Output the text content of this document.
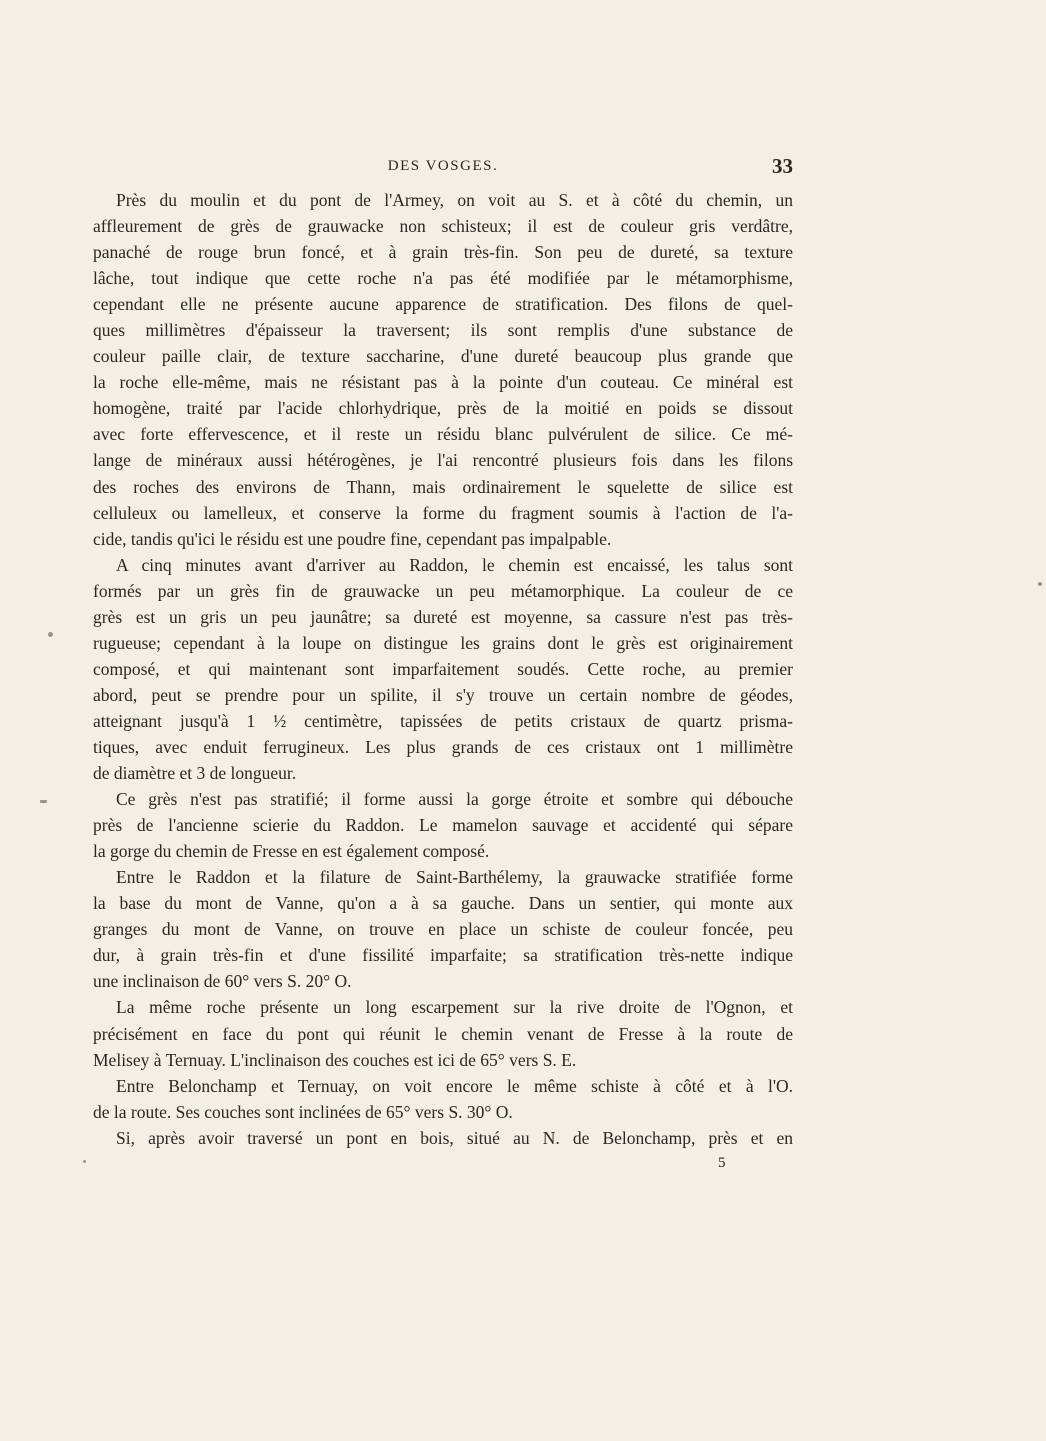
DES VOSGES.	33
Près du moulin et du pont de l'Armey, on voit au S. et à côté du chemin, un
affleurement de grès de grauwacke non schisteux; il est de couleur gris verdâtre,
panaché de rouge brun foncé, et à grain très-fin. Son peu de dureté, sa texture
lâche, tout indique que cette roche n'a pas été modifiée par le métamorphisme,
cependant elle ne présente aucune apparence de stratification. Des filons de quel-
ques millimètres d'épaisseur la traversent; ils sont remplis d'une substance de
couleur paille clair, de texture saccharine, d'une dureté beaucoup plus grande que
la roche elle-même, mais ne résistant pas à la pointe d'un couteau. Ce minéral est
homogène, traité par l'acide chlorhydrique, près de la moitié en poids se dissout
avec forte effervescence, et il reste un résidu blanc pulvérulent de silice. Ce mé-
lange de minéraux aussi hétérogènes, je l'ai rencontré plusieurs fois dans les filons
des roches des environs de Thann, mais ordinairement le squelette de silice est
celluleux ou lamelleux, et conserve la forme du fragment soumis à l'action de l'a-
cide, tandis qu'ici le résidu est une poudre fine, cependant pas impalpable.
A cinq minutes avant d'arriver au Raddon, le chemin est encaissé, les talus sont
formés par un grès fin de grauwacke un peu métamorphique. La couleur de ce
grès est un gris un peu jaunâtre; sa dureté est moyenne, sa cassure n'est pas très-
rugueuse; cependant à la loupe on distingue les grains dont le grès est originairement
composé, et qui maintenant sont imparfaitement soudés. Cette roche, au premier
abord, peut se prendre pour un spilite, il s'y trouve un certain nombre de géodes,
atteignant jusqu'à 1 ½ centimètre, tapissées de petits cristaux de quartz prisma-
tiques, avec enduit ferrugineux. Les plus grands de ces cristaux ont 1 millimètre
de diamètre et 3 de longueur.
Ce grès n'est pas stratifié; il forme aussi la gorge étroite et sombre qui débouche
près de l'ancienne scierie du Raddon. Le mamelon sauvage et accidenté qui sépare
la gorge du chemin de Fresse en est également composé.
Entre le Raddon et la filature de Saint-Barthélemy, la grauwacke stratifiée forme
la base du mont de Vanne, qu'on a à sa gauche. Dans un sentier, qui monte aux
granges du mont de Vanne, on trouve en place un schiste de couleur foncée, peu
dur, à grain très-fin et d'une fissilité imparfaite; sa stratification très-nette indique
une inclinaison de 60° vers S. 20° O.
La même roche présente un long escarpement sur la rive droite de l'Ognon, et
précisément en face du pont qui réunit le chemin venant de Fresse à la route de
Melisey à Ternuay. L'inclinaison des couches est ici de 65° vers S. E.
Entre Belonchamp et Ternuay, on voit encore le même schiste à côté et à l'O.
de la route. Ses couches sont inclinées de 65° vers S. 30° O.
Si, après avoir traversé un pont en bois, situé au N. de Belonchamp, près et en
5
